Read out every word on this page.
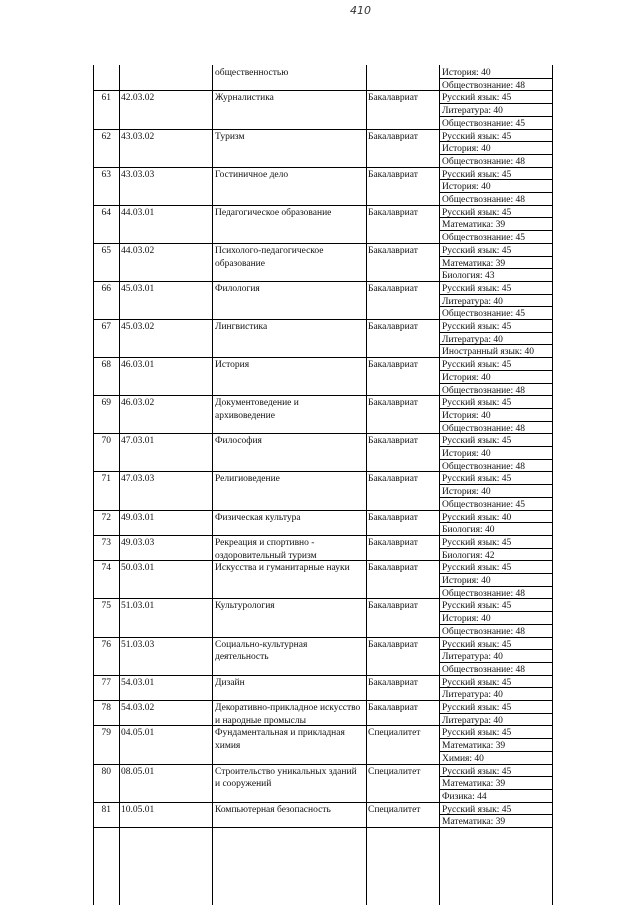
410
общественностью	История: 40
Обществознание: 48
61 42.03.02	Журналистика	Бакалавриат	Русский язык: 45
Литература: 40
Обществознание: 45
62 43.03.02	Туризм	Бакалавриат	Русский язык: 45
История: 40
Обществознание: 48
63 43.03.03	Гостиничное дело	Бакалавриат	Русский язык: 45
История: 40
Обществознание: 48
64 44.03.01	Педагогическое образование	Бакалавриат	Русский язык: 45
Математика: 39
Обществознание: 45
65 44.03.02	Психолого-педагогическое
образование
Бакалавриат	Русский язык: 45
Математика: 39
Биология: 43
66 45.03.01	Филология	Бакалавриат	Русский язык: 45
Литература: 40
Обществознание: 45
67 45.03.02	Лингвистика	Бакалавриат	Русский язык: 45
Литература: 40
Иностранный язык: 40
68 46.03.01	История	Бакалавриат	Русский язык: 45
История: 40
Обществознание: 48
69 46.03.02	Документоведение и
архивоведение
Бакалавриат	Русский язык: 45
История: 40
Обществознание: 48
70 47.03.01	Философия	Бакалавриат	Русский язык: 45
История: 40
Обществознание: 48
71 47.03.03	Религиоведение	Бакалавриат	Русский язык: 45
История: 40
Обществознание: 45
72 49.03.01	Физическая культура	Бакалавриат	Русский язык: 40
Биология: 40
73 49.03.03	Рекреация и спортивно -
оздоровительный туризм
Бакалавриат	Русский язык: 45
Биология: 42
74 50.03.01	Искусства и гуманитарные науки Бакалавриат	Русский язык: 45
История: 40
Обществознание: 48
75 51.03.01	Культурология	Бакалавриат	Русский язык: 45
История: 40
Обществознание: 48
76 51.03.03	Социально-культурная
деятельность
Бакалавриат	Русский язык: 45
Литература: 40
Обществознание: 48
77 54.03.01	Дизайн	Бакалавриат	Русский язык: 45
Литература: 40
78 54.03.02	Декоративно-прикладное искусство
и народные промыслы
Бакалавриат	Русский язык: 45
Литература: 40
79 04.05.01	Фундаментальная и прикладная
химия
Специалитет Русский язык: 45
Математика: 39
Химия: 40
80 08.05.01	Строительство уникальных зданий
и сооружений
Специалитет Русский язык: 45
Математика: 39
Физика: 44
81 10.05.01	Компьютерная безопасность	Специалитет Русский язык: 45
Математика: 39
